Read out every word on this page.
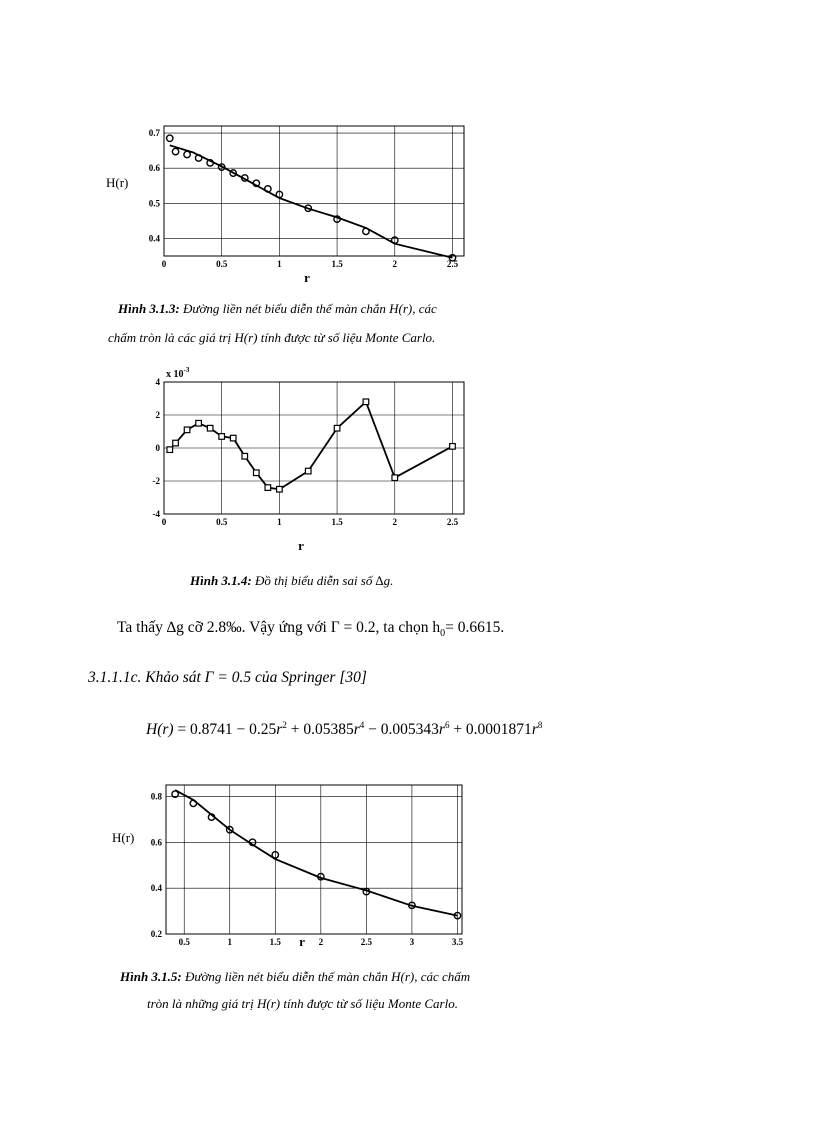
0	0.5	1	1.5	2	2.5
0.4
0.5
0.6
0.7
H(r)
r
Hình 3.1.3: Đường liền nét biểu diễn thế màn chắn H(r), các
chấm tròn là các giá trị H(r) tính được từ số liệu Monte Carlo.
0	0.5	1	1.5	2	2.5
-4
-2
0
2
4
r
x $10^{-3}$
Hình 3.1.4: Đồ thị biểu diễn sai số ∆g.
Ta thấy ∆g cỡ 2.8‰. Vậy ứng với Γ = 0.2, ta chọn $h_0= 0.6615$.
3.1.1.1c. Khảo sát Γ = 0.5 của Springer [30]
$H(r) = 0.8741 - 0.25r^2 + 0.05385r^4 - 0.005343r^6 + 0.0001871r^8$
0.5	1	1.5	2	2.5	3	3.5
0.2
0.4
0.6
0.8
H(r)
r
Hình 3.1.5: Đường liền nét biểu diễn thế màn chắn H(r), các chấm
tròn là những giá trị H(r) tính được từ số liệu Monte Carlo.
